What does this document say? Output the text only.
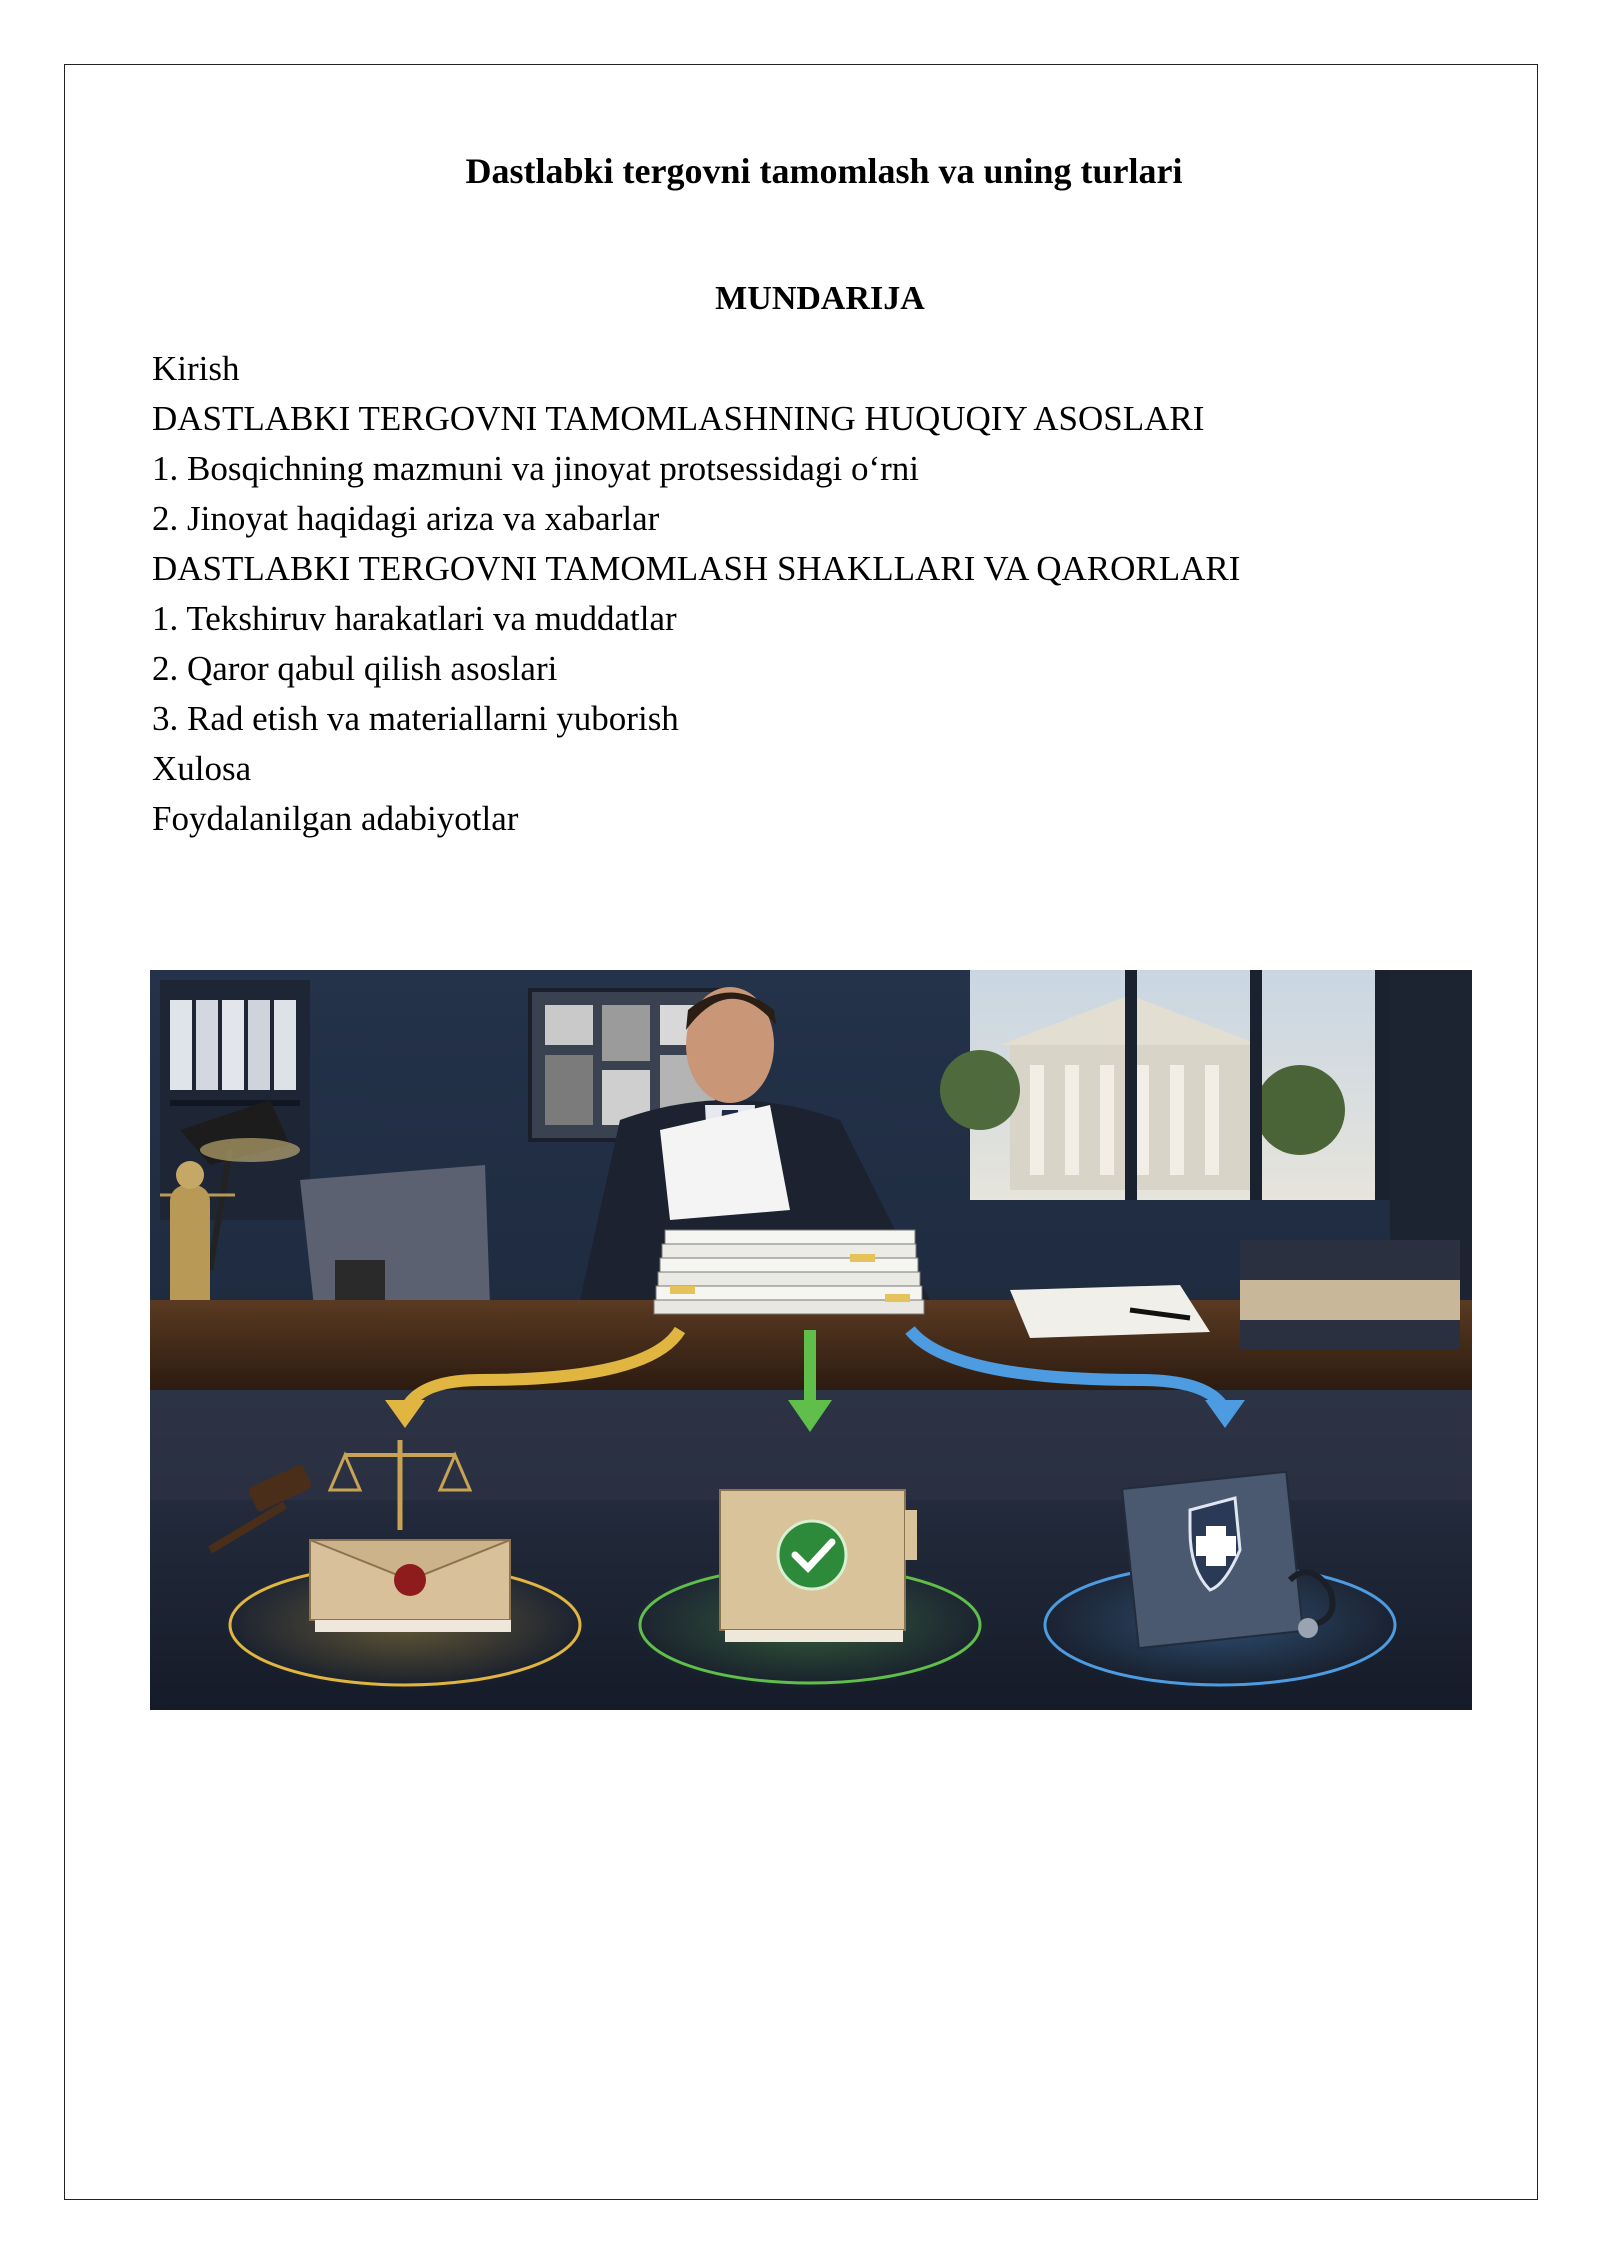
Dastlabki tergovni tamomlash va uning turlari
MUNDARIJA
Kirish
DASTLABKI TERGOVNI TAMOMLASHNING HUQUQIY ASOSLARI
1. Bosqichning mazmuni va jinoyat protsessidagi o‘rni
2. Jinoyat haqidagi ariza va xabarlar
DASTLABKI TERGOVNI TAMOMLASH SHAKLLARI VA QARORLARI
1. Tekshiruv harakatlari va muddatlar
2. Qaror qabul qilish asoslari
3. Rad etish va materiallarni yuborish
Xulosa
Foydalanilgan adabiyotlar
